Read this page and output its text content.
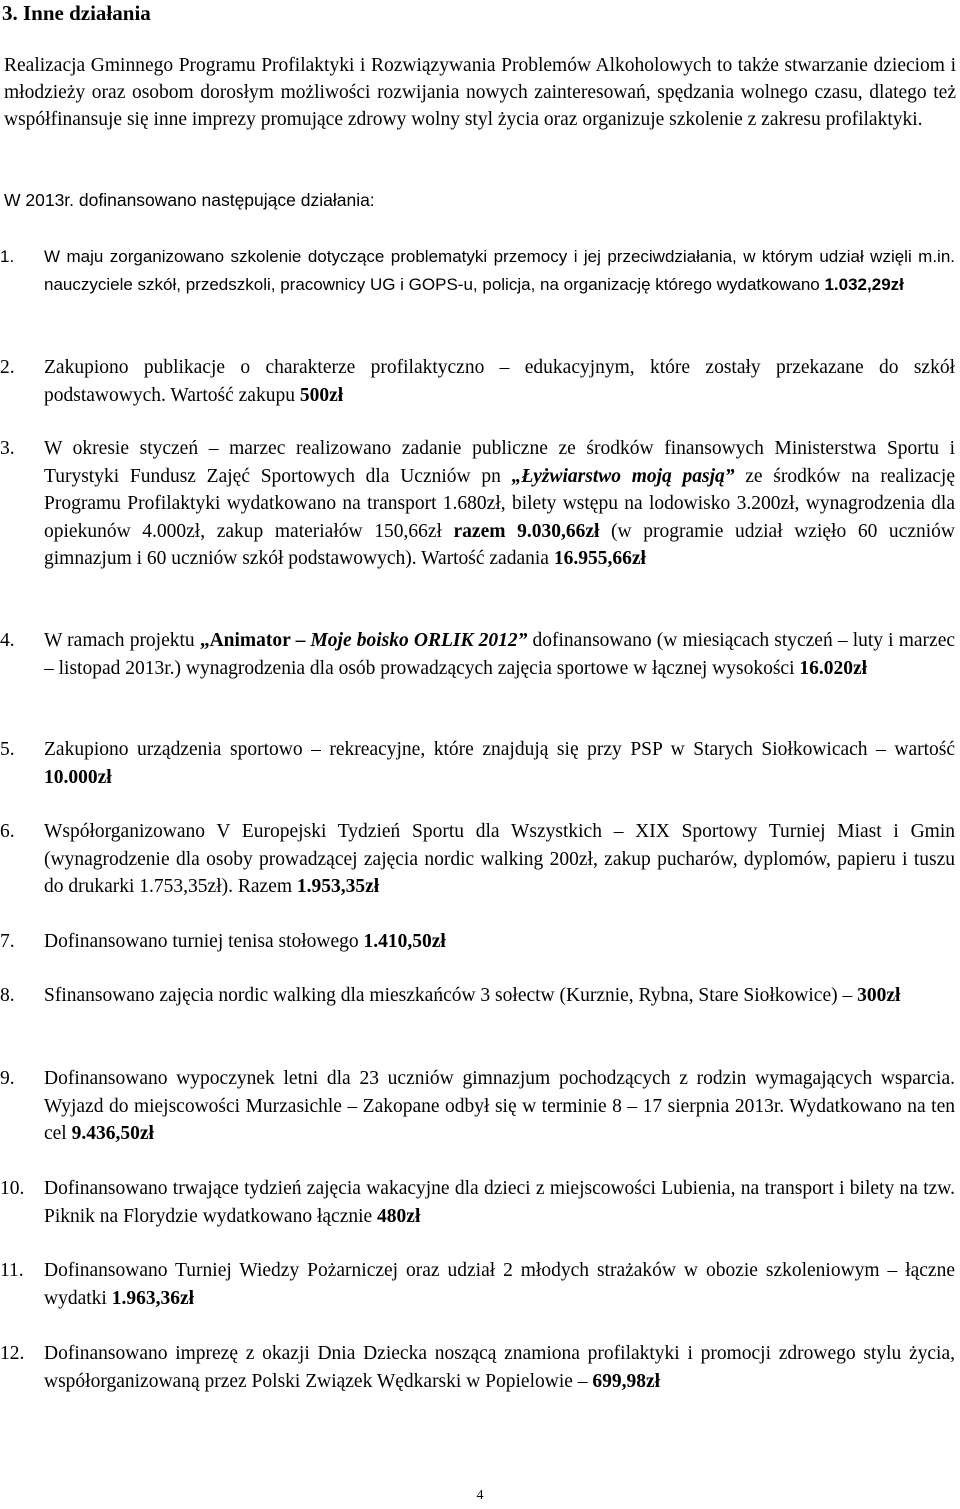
3. Inne działania

Realizacja Gminnego Programu Profilaktyki i Rozwiązywania Problemów Alkoholowych to także stwarzanie dzieciom i młodzieży oraz osobom dorosłym możliwości rozwijania nowych zainteresowań, spędzania wolnego czasu, dlatego też współfinansuje się inne imprezy promujące zdrowy wolny styl życia oraz organizuje szkolenie z zakresu profilaktyki.

W 2013r. dofinansowano następujące działania:

1. W maju zorganizowano szkolenie dotyczące problematyki przemocy i jej przeciwdziałania, w którym udział wzięli m.in. nauczyciele szkół, przedszkoli, pracownicy UG i GOPS-u, policja, na organizację którego wydatkowano 1.032,29zł

2. Zakupiono publikacje o charakterze profilaktyczno – edukacyjnym, które zostały przekazane do szkół podstawowych. Wartość zakupu 500zł

3. W okresie styczeń – marzec realizowano zadanie publiczne ze środków finansowych Ministerstwa Sportu i Turystyki Fundusz Zajęć Sportowych dla Uczniów pn „Łyżwiarstwo moją pasją” ze środków na realizację Programu Profilaktyki wydatkowano na transport 1.680zł, bilety wstępu na lodowisko 3.200zł, wynagrodzenia dla opiekunów 4.000zł, zakup materiałów 150,66zł razem 9.030,66zł (w programie udział wzięło 60 uczniów gimnazjum i 60 uczniów szkół podstawowych). Wartość zadania 16.955,66zł

4. W ramach projektu „Animator – Moje boisko ORLIK 2012” dofinansowano (w miesiącach styczeń – luty i marzec – listopad 2013r.) wynagrodzenia dla osób prowadzących zajęcia sportowe w łącznej wysokości 16.020zł

5. Zakupiono urządzenia sportowo – rekreacyjne, które znajdują się przy PSP w Starych Siołkowicach – wartość 10.000zł

6. Współorganizowano V Europejski Tydzień Sportu dla Wszystkich – XIX Sportowy Turniej Miast i Gmin (wynagrodzenie dla osoby prowadzącej zajęcia nordic walking 200zł, zakup pucharów, dyplomów, papieru i tuszu do drukarki 1.753,35zł). Razem 1.953,35zł

7. Dofinansowano turniej tenisa stołowego 1.410,50zł

8. Sfinansowano zajęcia nordic walking dla mieszkańców 3 sołectw (Kurznie, Rybna, Stare Siołkowice) – 300zł

9. Dofinansowano wypoczynek letni dla 23 uczniów gimnazjum pochodzących z rodzin wymagających wsparcia. Wyjazd do miejscowości Murzasichle – Zakopane odbył się w terminie 8 – 17 sierpnia 2013r. Wydatkowano na ten cel 9.436,50zł

10. Dofinansowano trwające tydzień zajęcia wakacyjne dla dzieci z miejscowości Lubienia, na transport i bilety na tzw. Piknik na Florydzie wydatkowano łącznie 480zł

11. Dofinansowano Turniej Wiedzy Pożarniczej oraz udział 2 młodych strażaków w obozie szkoleniowym – łączne wydatki 1.963,36zł

12. Dofinansowano imprezę z okazji Dnia Dziecka noszącą znamiona profilaktyki i promocji zdrowego stylu życia, współorganizowaną przez Polski Związek Wędkarski w Popielowie – 699,98zł

4
